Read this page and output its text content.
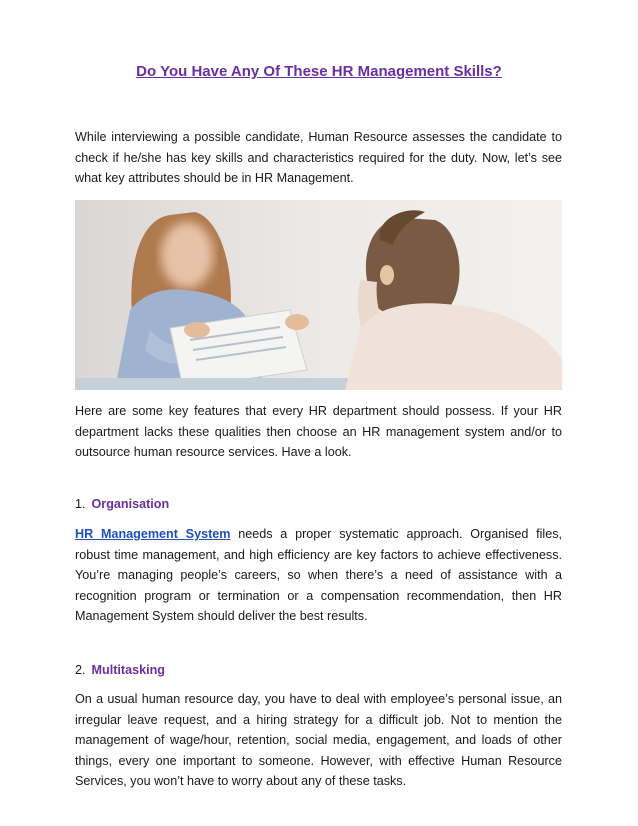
Do You Have Any Of These HR Management Skills?

While interviewing a possible candidate, Human Resource assesses the candidate to check if he/she has key skills and characteristics required for the duty. Now, let’s see what key attributes should be in HR Management.

Here are some key features that every HR department should possess. If your HR department lacks these qualities then choose an HR management system and/or to outsource human resource services. Have a look.

1. Organisation

HR Management System needs a proper systematic approach. Organised files, robust time management, and high efficiency are key factors to achieve effectiveness. You’re managing people’s careers, so when there’s a need of assistance with a recognition program or termination or a compensation recommendation, then HR Management System should deliver the best results.

2. Multitasking

On a usual human resource day, you have to deal with employee’s personal issue, an irregular leave request, and a hiring strategy for a difficult job. Not to mention the management of wage/hour, retention, social media, engagement, and loads of other things, every one important to someone. However, with effective Human Resource Services, you won’t have to worry about any of these tasks.
